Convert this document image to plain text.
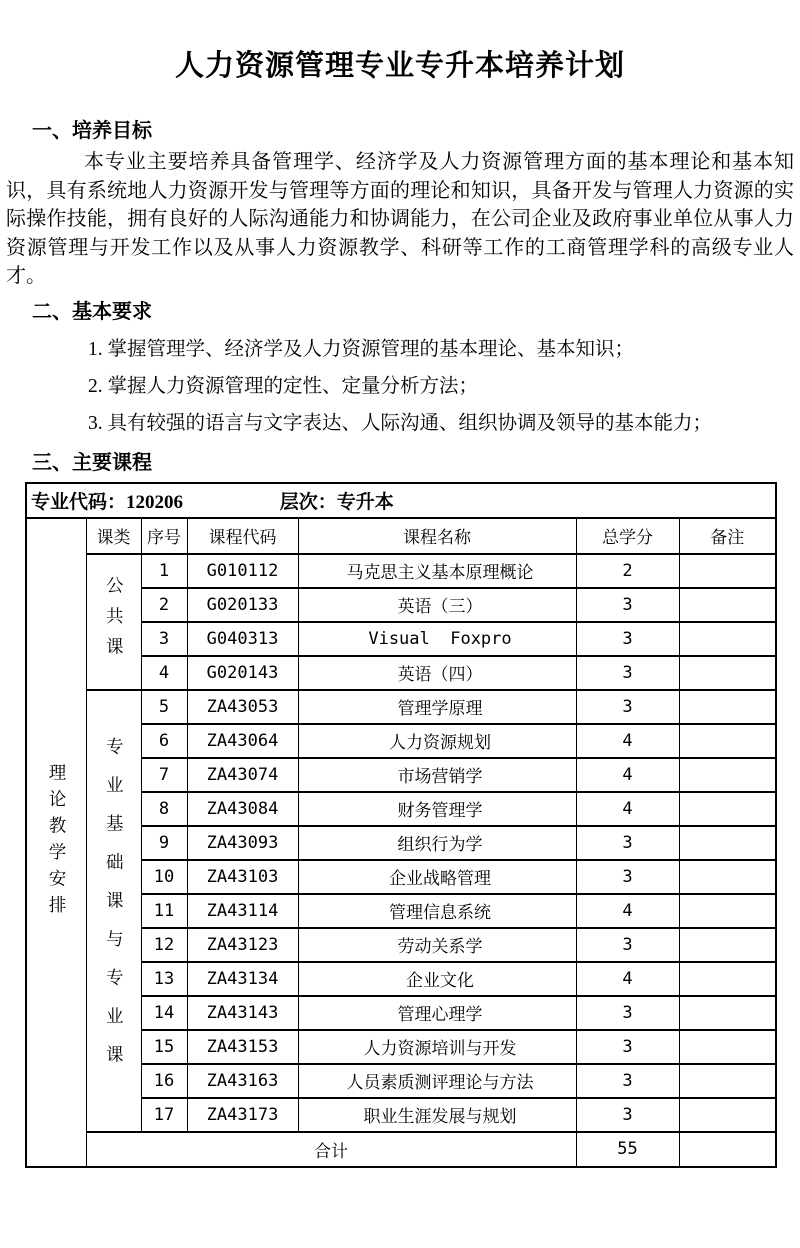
人力资源管理专业专升本培养计划
一、培养目标

本专业主要培养具备管理学、经济学及人力资源管理方面的基本理论和基本知识，具有系统地人力资源开发与管理等方面的理论和知识，具备开发与管理人力资源的实际操作技能，拥有良好的人际沟通能力和协调能力，在公司企业及政府事业单位从事人力资源管理与开发工作以及从事人力资源教学、科研等工作的工商管理学科的高级专业人才。

二、基本要求

1. 掌握管理学、经济学及人力资源管理的基本理论、基本知识；

2. 掌握人力资源管理的定性、定量分析方法；

3. 具有较强的语言与文字表达、人际沟通、组织协调及领导的基本能力；

三、主要课程
专业代码：120206 层次：专升本						

理论教学安排	课类	序号	课程代码	课程名称	总学分	备注

	公共课	1	G010112	马克思主义基本原理概论	2	
		2	G020133	英语（三）	3	
		3	G040313	Visual  Foxpro	3	
		4	G020143	英语（四）	3	

	专业基础课与专业课	5	ZA43053	管理学原理	3	
		6	ZA43064	人力资源规划	4	
		7	ZA43074	市场营销学	4	
		8	ZA43084	财务管理学	4	
		9	ZA43093	组织行为学	3	
		10	ZA43103	企业战略管理	3	
		11	ZA43114	管理信息系统	4	
		12	ZA43123	劳动关系学	3	
		13	ZA43134	企业文化	4	
		14	ZA43143	管理心理学	3	
		15	ZA43153	人力资源培训与开发	3	
		16	ZA43163	人员素质测评理论与方法	3	
		17	ZA43173	职业生涯发展与规划	3	
	合计				55	
